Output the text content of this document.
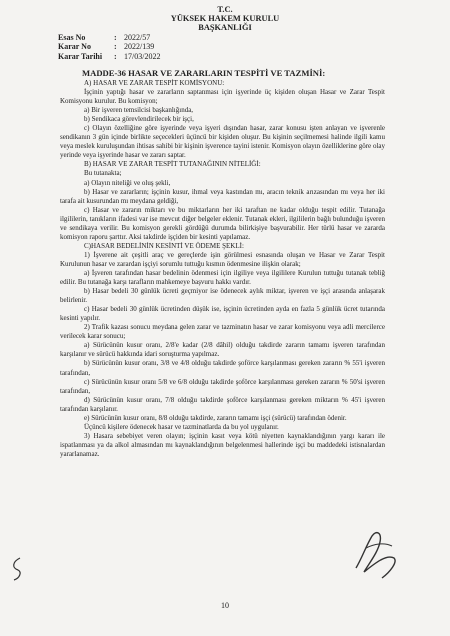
T.C.
YÜKSEK HAKEM KURULU
BAŞKANLIĞI
Esas No	: 2022/57
Karar No	: 2022/139
Karar Tarihi	: 17/03/2022
MADDE-36 HASAR VE ZARARLARIN TESPİTİ VE TAZMİNİ:

A) HASAR VE ZARAR TESPİT KOMİSYONU:

İşçinin yaptığı hasar ve zararların saptanması için işyerinde üç kişiden oluşan Hasar ve Zarar Tespit Komisyonu kurulur. Bu komisyon;

a) Bir işveren temsilcisi başkanlığında,

b) Sendikaca görevlendirilecek bir işçi,

c) Olayın özelliğine göre işyerinde veya işyeri dışından hasar, zarar konusu işten anlayan ve işverenle sendikanın 3 gün içinde birlikte seçecekleri üçüncü bir kişiden oluşur. Bu kişinin seçilmemesi halinde ilgili kamu veya meslek kuruluşundan ihtisas sahibi bir kişinin işverence tayini istenir. Komisyon olayın özelliklerine göre olay yerinde veya işyerinde hasar ve zararı saptar.

B) HASAR VE ZARAR TESPİT TUTANAĞININ NİTELİĞİ:

Bu tutanakta;

a) Olayın niteliği ve oluş şekli,

b) Hasar ve zararların; işçinin kusur, ihmal veya kastından mı, aracın teknik arızasından mı veya her iki tarafa ait kusurundan mı meydana geldiği,

c) Hasar ve zararın miktarı ve bu miktarların her iki taraftan ne kadar olduğu tespit edilir. Tutanağa ilgililerin, tanıkların ifadesi var ise mevcut diğer belgeler eklenir. Tutanak ekleri, ilgililerin bağlı bulunduğu işveren ve sendikaya verilir. Bu komisyon gerekli gördüğü durumda bilirkişiye başvurabilir. Her türlü hasar ve zararda komisyon raporu şarttır. Aksi takdirde işçiden bir kesinti yapılamaz.

C)HASAR BEDELİNİN KESİNTİ VE ÖDEME ŞEKLİ:

1) İşverene ait çeşitli araç ve gereçlerde işin görülmesi esnasında oluşan ve Hasar ve Zarar Tespit Kurulunun hasar ve zarardan işçiyi sorumlu tuttuğu kısmın ödenmesine ilişkin olarak;

a) İşveren tarafından hasar bedelinin ödenmesi için ilgiliye veya ilgililere Kurulun tuttuğu tutanak tebliğ edilir. Bu tutanağa karşı tarafların mahkemeye başvuru hakkı vardır.

b) Hasar bedeli 30 günlük ücreti geçmiyor ise ödenecek aylık miktar, işveren ve işçi arasında anlaşarak belirlenir.

c) Hasar bedeli 30 günlük ücretinden düşük ise, işçinin ücretinden ayda en fazla 5 günlük ücret tutarında kesinti yapılır.

2) Trafik kazası sonucu meydana gelen zarar ve tazminatın hasar ve zarar komisyonu veya adli mercilerce verilecek karar sonucu;

a) Sürücünün kusur oranı, 2/8'e kadar (2/8 dâhil) olduğu takdirde zararın tamamı işveren tarafından karşılanır ve sürücü hakkında idari soruşturma yapılmaz.

b) Sürücünün kusur oranı, 3/8 ve 4/8 olduğu takdirde şoförce karşılanması gereken zararın % 55'i işveren tarafından,

c) Sürücünün kusur oranı 5/8 ve 6/8 olduğu takdirde şoförce karşılanması gereken zararın % 50'si işveren tarafından,

d) Sürücünün kusur oranı, 7/8 olduğu takdirde şoförce karşılanması gereken miktarın % 45'i işveren tarafından karşılanır.

e) Sürücünün kusur oranı, 8/8 olduğu takdirde, zararın tamamı işçi (sürücü) tarafından ödenir.

Üçüncü kişilere ödenecek hasar ve tazminatlarda da bu yol uygulanır.

3) Hasara sebebiyet veren olayın; işçinin kasıt veya kötü niyetten kaynaklandığının yargı kararı ile ispatlanması ya da alkol almasından mı kaynaklandığının belgelenmesi hallerinde işçi bu maddedeki istisnalardan yararlanamaz.

10
